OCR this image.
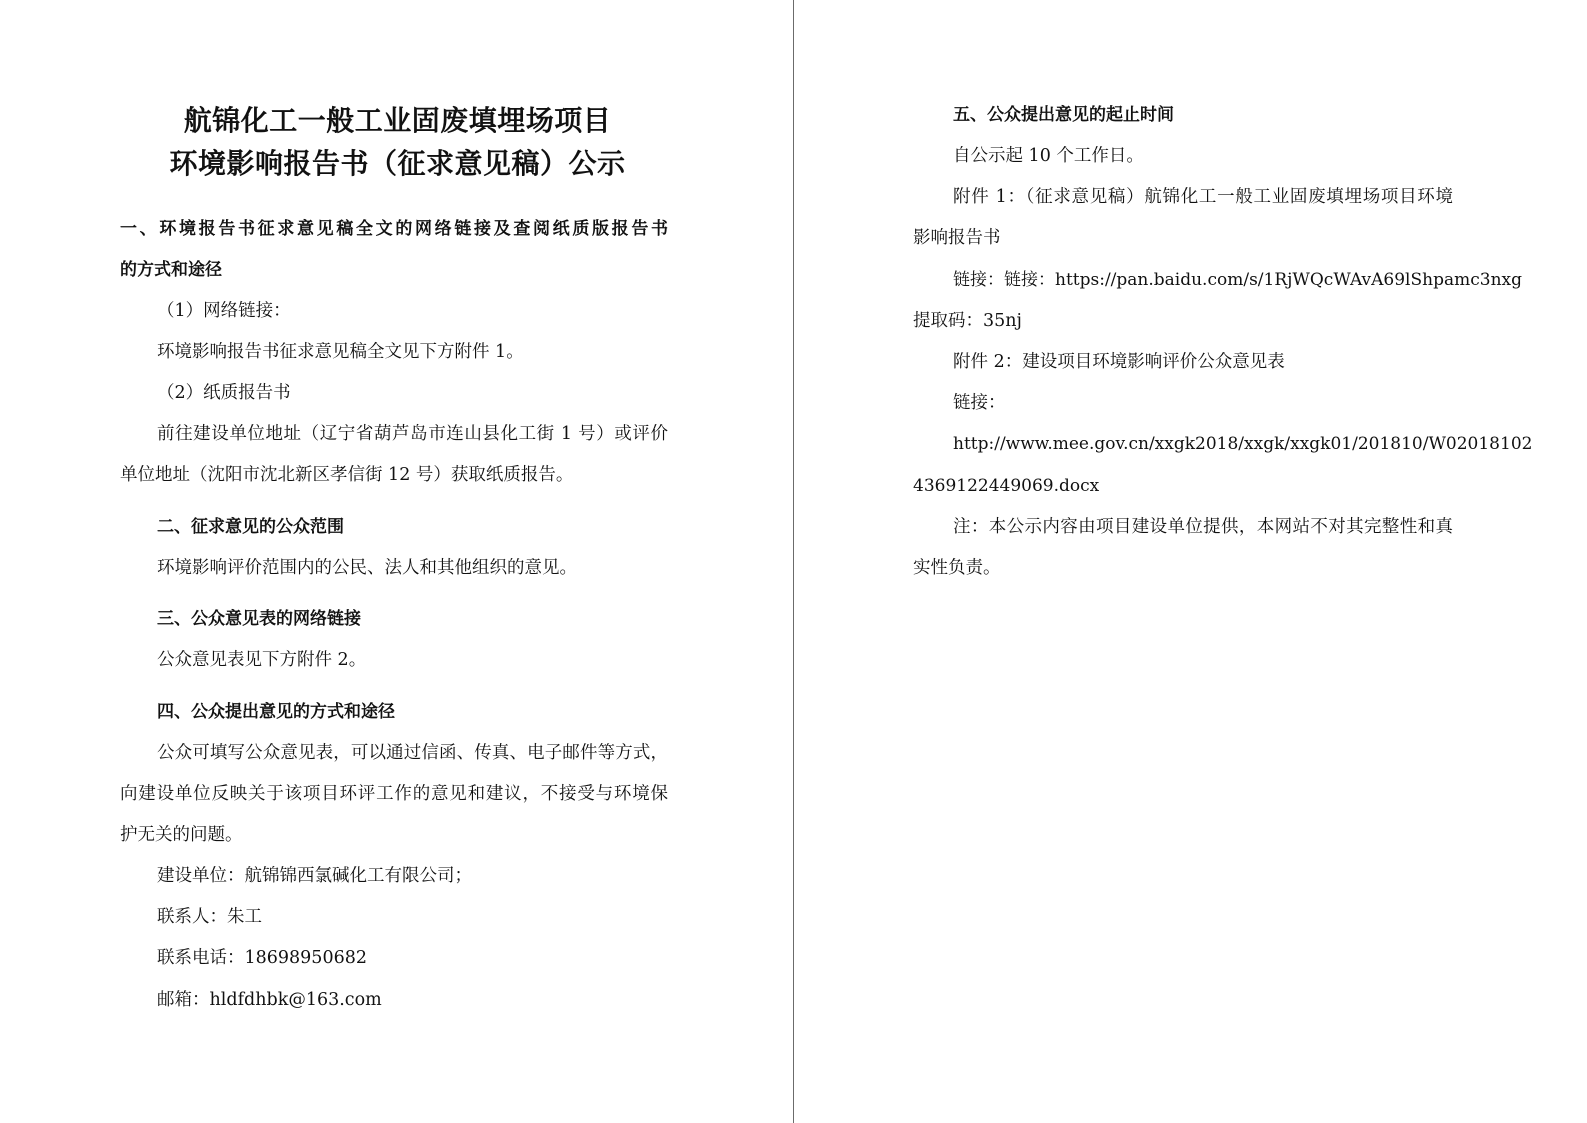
航锦化工一般工业固废填埋场项目
环境影响报告书（征求意见稿）公示
一、环境报告书征求意见稿全文的网络链接及查阅纸质版报告书
的方式和途径
（1）网络链接：
环境影响报告书征求意见稿全文见下方附件 1。
（2）纸质报告书
前往建设单位地址（辽宁省葫芦岛市连山县化工街 1 号）或评价
单位地址（沈阳市沈北新区孝信街 12 号）获取纸质报告。
二、征求意见的公众范围
环境影响评价范围内的公民、法人和其他组织的意见。
三、公众意见表的网络链接
公众意见表见下方附件 2。
四、公众提出意见的方式和途径
公众可填写公众意见表，可以通过信函、传真、电子邮件等方式，
向建设单位反映关于该项目环评工作的意见和建议，不接受与环境保
护无关的问题。
建设单位：航锦锦西氯碱化工有限公司；
联系人：朱工
联系电话：18698950682
邮箱：hldfdhbk@163.com
五、公众提出意见的起止时间
自公示起 10 个工作日。
附件 1：（征求意见稿）航锦化工一般工业固废填埋场项目环境
影响报告书
链接：链接：https://pan.baidu.com/s/1RjWQcWAvA69lShpamc3nxg
提取码：35nj
附件 2：建设项目环境影响评价公众意见表
链接：
http://www.mee.gov.cn/xxgk2018/xxgk/xxgk01/201810/W02018102
4369122449069.docx
注：本公示内容由项目建设单位提供，本网站不对其完整性和真
实性负责。
